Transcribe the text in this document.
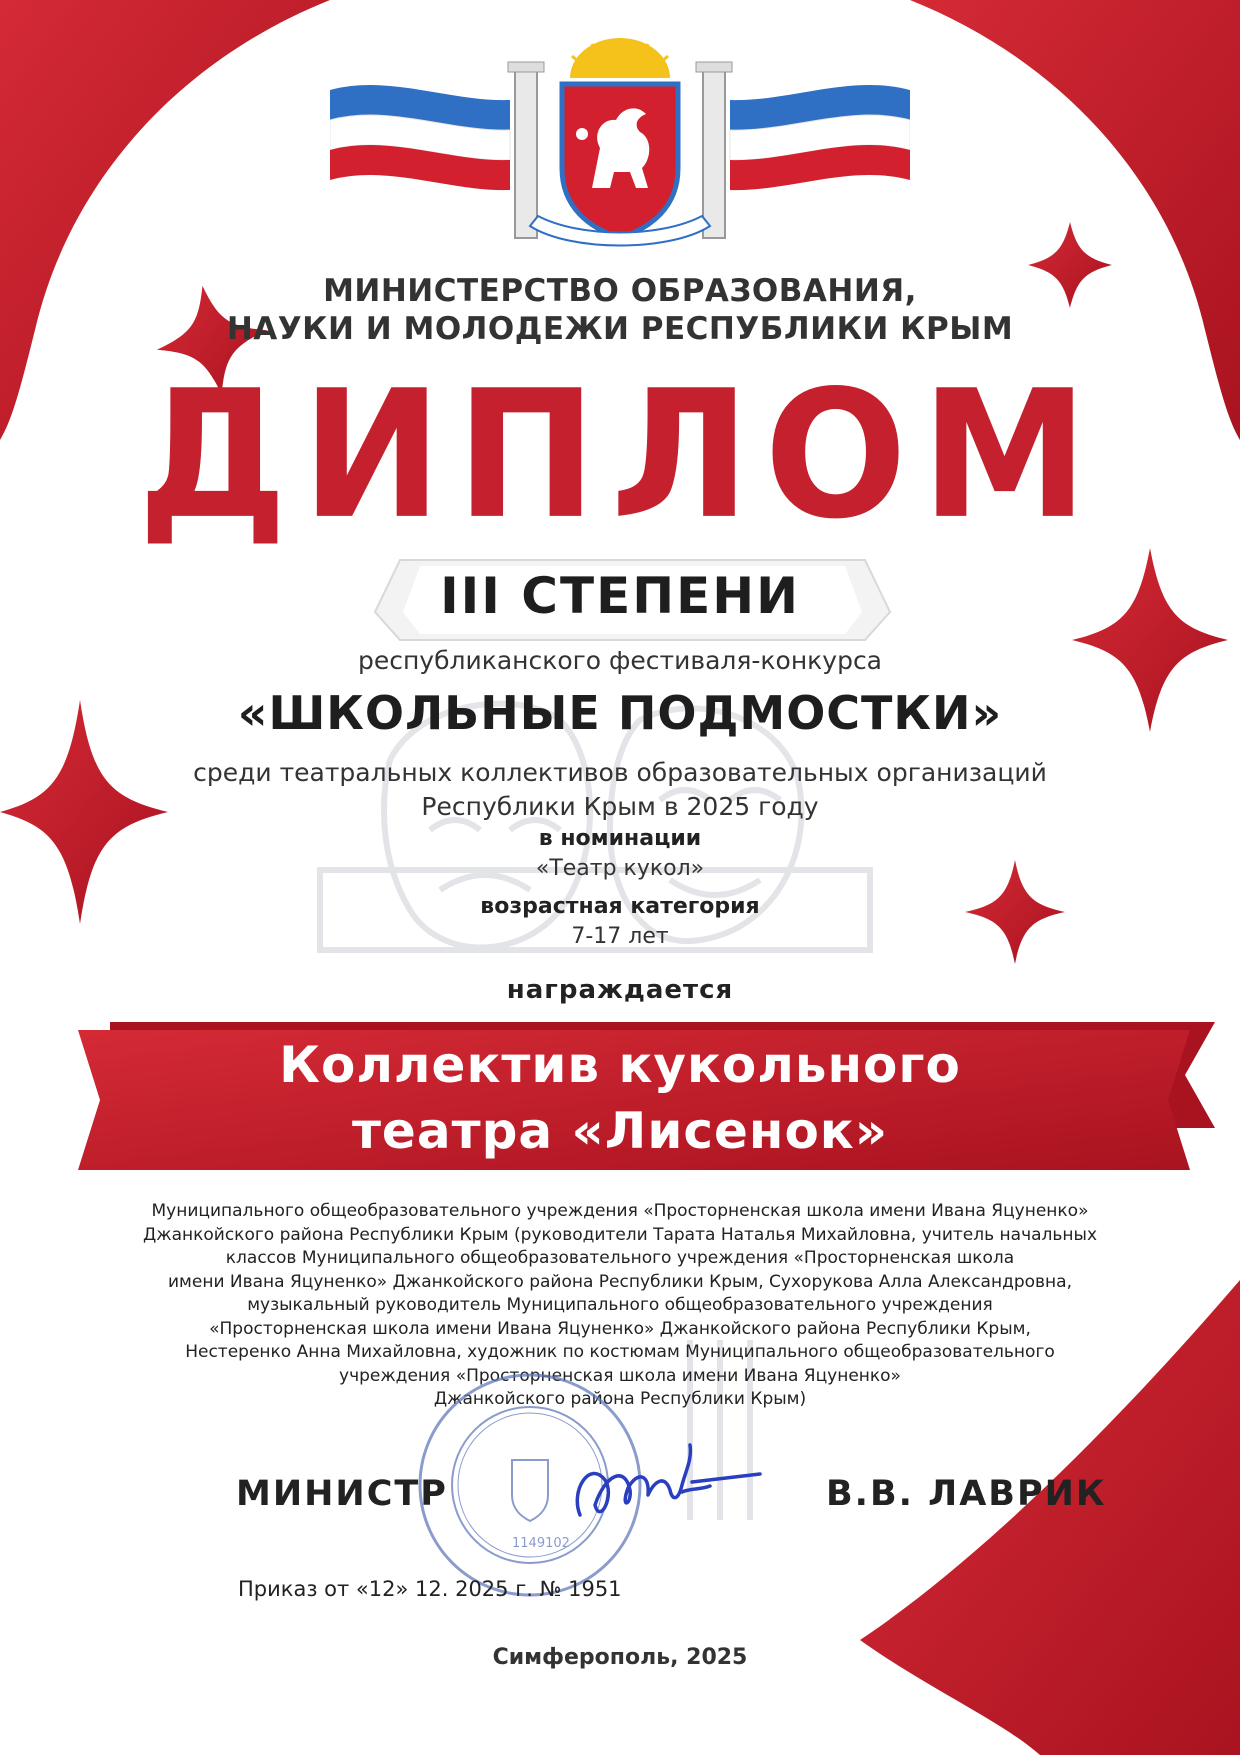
МИНИСТЕРСТВО ОБРАЗОВАНИЯ,
НАУКИ И МОЛОДЕЖИ РЕСПУБЛИКИ КРЫМ
ДИПЛОМ
III СТЕПЕНИ
республиканского фестиваля-конкурса
«ШКОЛЬНЫЕ ПОДМОСТКИ»
среди театральных коллективов образовательных организаций
Республики Крым в 2025 году
в номинации
«Театр кукол»
возрастная категория
7-17 лет
награждается
Коллектив кукольного
театра «Лисенок»
Муниципального общеобразовательного учреждения «Просторненская школа имени Ивана Яцуненко»
Джанкойского района Республики Крым (руководители Тарата Наталья Михайловна, учитель начальных
классов Муниципального общеобразовательного учреждения «Просторненская школа
имени Ивана Яцуненко» Джанкойского района Республики Крым, Сухорукова Алла Александровна,
музыкальный руководитель Муниципального общеобразовательного учреждения
«Просторненская школа имени Ивана Яцуненко» Джанкойского района Республики Крым,
Нестеренко Анна Михайловна, художник по костюмам Муниципального общеобразовательного
учреждения «Просторненская школа имени Ивана Яцуненко»
Джанкойского района Республики Крым)
1149102
МИНИСТР	В.В. ЛАВРИК
Приказ от «12» 12. 2025 г. № 1951
Симферополь, 2025
